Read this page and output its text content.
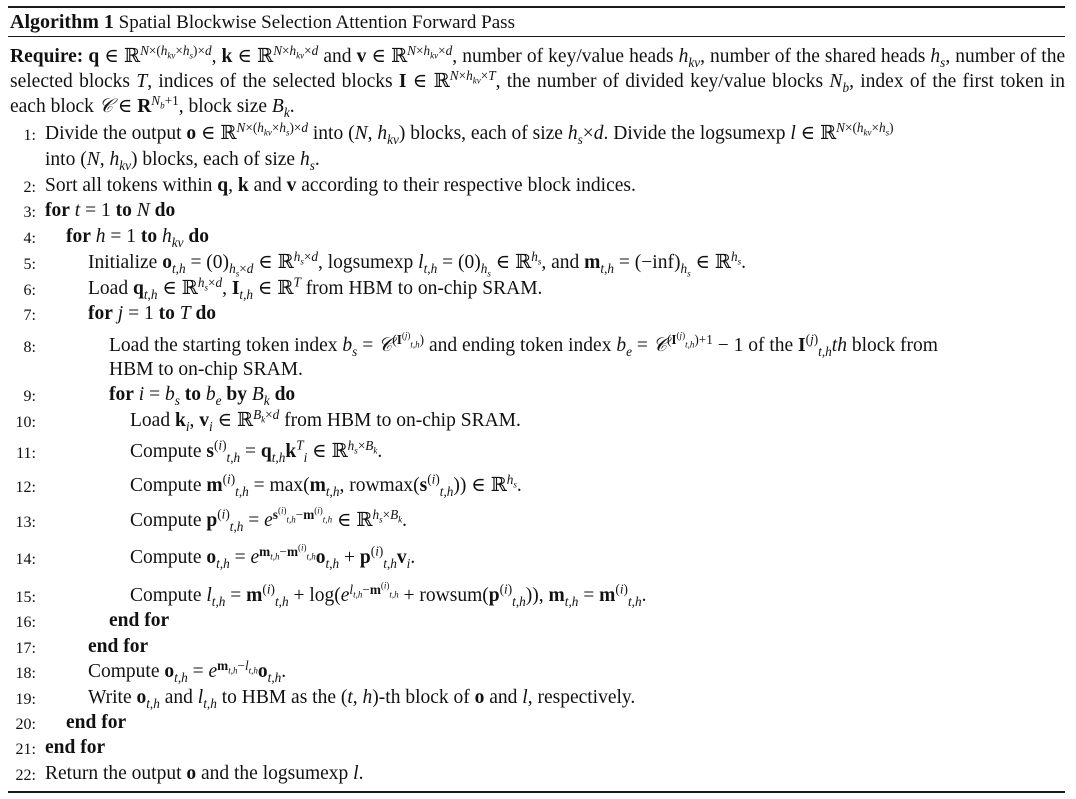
Algorithm 1 Spatial Blockwise Selection Attention Forward Pass
Require: q ∈ ℝ$^{N\times(h_{kv}\times h_s)\times d}$, k ∈ ℝ$^{N\times h_{kv}\times d}$ and v ∈ ℝ$^{N\times h_{kv}\times d}$, number of key/value heads $h_{kv}$, number of the shared heads $h_s$, number of the selected blocks T, indices of the selected blocks I ∈ ℝ$^{N\times h_{kv}\times T}$, the number of divided key/value blocks $N_b$, index of the first token in each block 𝒞 ∈ $R^{N_b+1}$, block size $B_k$.
1: Divide the output o ∈ ℝ$^{N\times(h_{kv}\times h_s)\times d}$ into (N, $h_{kv}$) blocks, each of size $h_s\times d$. Divide the logsumexp l ∈ ℝ$^{N\times(h_{kv}\times h_s)}$
into (N, $h_{kv}$) blocks, each of size $h_s$.
2: Sort all tokens within q, k and v according to their respective block indices.
3: for t = 1 to N do
4: for h = 1 to $h_{kv}$ do
5:	Initialize $o_{t,h} = (0)_{h_s\times d}$ ∈ ℝ$^{h_s\times d}$, logsumexp $l_{t,h} = (0)_{h_s}$ ∈ ℝ$^{h_s}$, and $m_{t,h} = (-inf)_{h_s}$ ∈ ℝ$^{h_s}$.
6:	Load $q_{t,h}$ ∈ ℝ$^{h_s\times d}$, $I_{t,h}$ ∈ ℝ$^T$ from HBM to on-chip SRAM.
7:	for j = 1 to T do
8:	Load the starting token index $b_s$ = 𝒞$^{(I^{(j)}_{t,h})}$ and ending token index $b_e$ = 𝒞$^{(I^{(j)}_{t,h})+1}$ − 1 of the $I^{(j)}_{t,h}th$ block from
HBM to on-chip SRAM.
9:	for $i = b_s$ to $b_e$ by $B_k$ do
10:	Load $k_i$, $v_i$ ∈ ℝ$^{B_k\times d}$ from HBM to on-chip SRAM.
11:	Compute $s^{(i)}_{t,h} = q_{t,h}k^T_i$ ∈ ℝ$^{h_s\times B_k}$.
12:	Compute $m^{(i)}_{t,h} = \max(m_{t,h}$, $rowmax(s^{(i)}_{t,h})$) ∈ ℝ$^{h_s}$.
13:	Compute $p^{(i)}_{t,h} = e^{s^{(i)}_{t,h}-m^{(i)}_{t,h}}$ ∈ ℝ$^{h_s\times B_k}$.
14:	Compute $o_{t,h} = e^{m_{t,h}-m^{(i)}_{t,h}}o_{t,h} + p^{(i)}_{t,h}v_i$.
15:	Compute $l_{t,h} = m^{(i)}_{t,h} + \log(e^{l_{t,h}-m^{(i)}_{t,h}}$ + $rowsum(p^{(i)}_{t,h})$), $m_{t,h} = m^{(i)}_{t,h}$.
16:	end for
17:	end for
18:	Compute $o_{t,h} = e^{m_{t,h}-l_{t,h}}o_{t,h}$.
19:	Write $o_{t,h}$ and $l_{t,h}$ to HBM as the (t, h)-th block of o and l, respectively.
20: end for
21: end for
22: Return the output o and the logsumexp l.
